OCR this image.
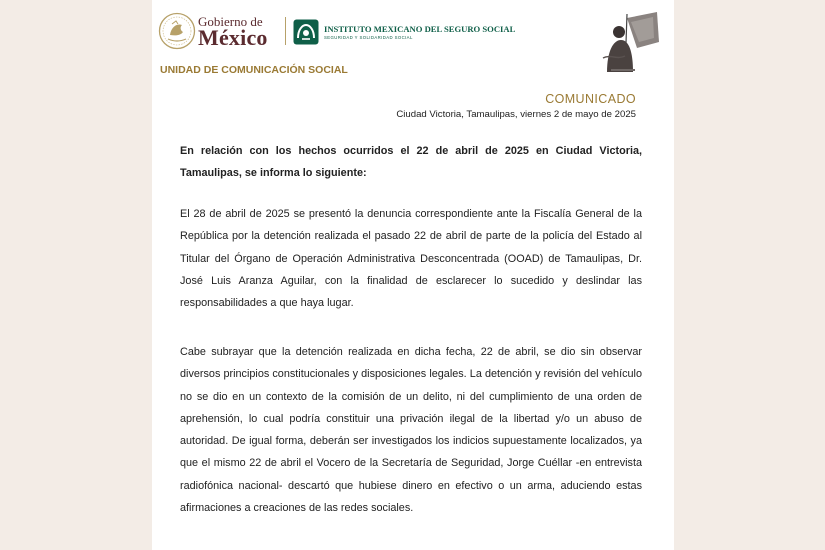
Gobierno de
México	INSTITUTO MEXICANO DEL SEGURO SOCIAL
SEGURIDAD Y SOLIDARIDAD SOCIAL
UNIDAD DE COMUNICACIÓN SOCIAL
COMUNICADO
Ciudad Victoria, Tamaulipas, viernes 2 de mayo de 2025

En relación con los hechos ocurridos el 22 de abril de 2025 en Ciudad Victoria, Tamaulipas, se informa lo siguiente:

El 28 de abril de 2025 se presentó la denuncia correspondiente ante la Fiscalía General de la República por la detención realizada el pasado 22 de abril de parte de la policía del Estado al Titular del Órgano de Operación Administrativa Desconcentrada (OOAD) de Tamaulipas, Dr. José Luis Aranza Aguilar, con la finalidad de esclarecer lo sucedido y deslindar las responsabilidades a que haya lugar.

Cabe subrayar que la detención realizada en dicha fecha, 22 de abril, se dio sin observar diversos principios constitucionales y disposiciones legales. La detención y revisión del vehículo no se dio en un contexto de la comisión de un delito, ni del cumplimiento de una orden de aprehensión, lo cual podría constituir una privación ilegal de la libertad y/o un abuso de autoridad. De igual forma, deberán ser investigados los indicios supuestamente localizados, ya que el mismo 22 de abril el Vocero de la Secretaría de Seguridad, Jorge Cuéllar -en entrevista radiofónica nacional- descartó que hubiese dinero en efectivo o un arma, aduciendo estas afirmaciones a creaciones de las redes sociales.
